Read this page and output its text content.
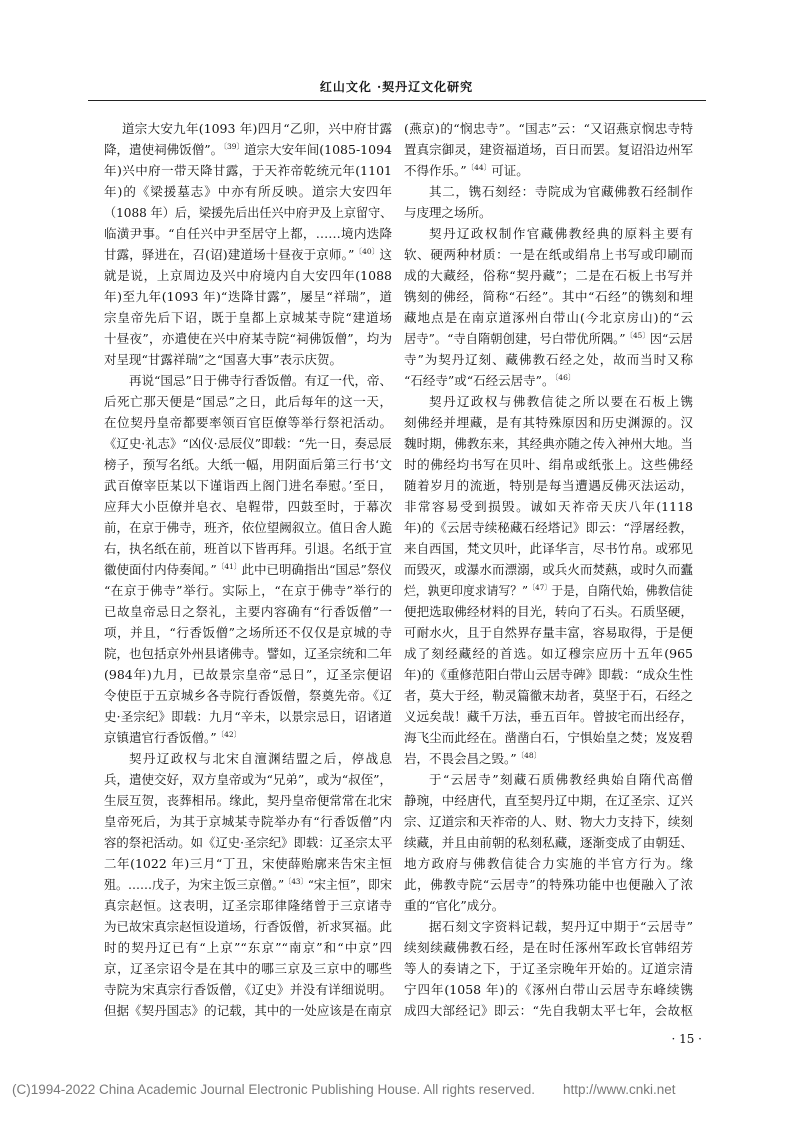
红山文化 ·契丹辽文化研究
道宗大安九年(1093 年)四月“乙卯，兴中府甘露
降，遣使祠佛饭僧”。$^{〔39〕}$道宗大安年间(1085-1094
年)兴中府一带天降甘露，于天祚帝乾统元年(1101
年)的《梁援墓志》中亦有所反映。道宗大安四年
（1088 年）后，梁援先后出任兴中府尹及上京留守、
临潢尹事。“自任兴中尹至居守上都，……境内迭降
甘露，驿进在，召(诏)建道场十昼夜于京师。”$^{〔40〕}$这
就是说，上京周边及兴中府境内自大安四年(1088
年)至九年(1093 年)“迭降甘露”，屡呈“祥瑞”，道
宗皇帝先后下诏，既于皇都上京城某寺院“建道场
十昼夜”，亦遣使在兴中府某寺院“祠佛饭僧”，均为
对呈现“甘露祥瑞”之“国喜大事”表示庆贺。
再说“国忌”日于佛寺行香饭僧。有辽一代，帝、
后死亡那天便是“国忌”之日，此后每年的这一天，
在位契丹皇帝都要率领百官臣僚等举行祭祀活动。
《辽史·礼志》“凶仪·忌辰仪”即载：“先一日，奏忌辰
榜子，预写名纸。大纸一幅，用阴面后第三行书‘文
武百僚宰臣某以下谨诣西上阁门进名奉慰。’至日，
应拜大小臣僚并皂衣、皂鞓带，四鼓至时，于幕次
前，在京于佛寺，班齐，依位望阙叙立。值日舍人跪
右，执名纸在前，班首以下皆再拜。引退。名纸于宣
徽使面付内侍奏闻。”$^{〔41〕}$此中已明确指出“国忌”祭仪
“在京于佛寺”举行。实际上，“在京于佛寺”举行的
已故皇帝忌日之祭礼，主要内容确有“行香饭僧”一
项，并且，“行香饭僧”之场所还不仅仅是京城的寺
院，也包括京外州县诸佛寺。譬如，辽圣宗统和二年
(984年)九月，已故景宗皇帝“忌日”，辽圣宗便诏
令使臣于五京城乡各寺院行香饭僧，祭奠先帝。《辽
史·圣宗纪》即载：九月“辛未，以景宗忌日，诏诸道
京镇遣官行香饭僧。”$^{〔42〕}$
契丹辽政权与北宋自澶渊结盟之后，停战息
兵，遣使交好，双方皇帝或为“兄弟”，或为“叔侄”，
生辰互贺，丧葬相吊。缘此，契丹皇帝便常常在北宋
皇帝死后，为其于京城某寺院举办有“行香饭僧”内
容的祭祀活动。如《辽史·圣宗纪》即载：辽圣宗太平
二年(1022 年)三月“丁丑，宋使薛贻廓来告宋主恒
殂。……戊子，为宋主饭三京僧。”$^{〔43〕}$“宋主恒”，即宋
真宗赵恒。这表明，辽圣宗耶律隆绪曾于三京诸寺
为已故宋真宗赵恒设道场，行香饭僧，祈求冥福。此
时的契丹辽已有“上京”“东京”“南京”和“中京”四
京，辽圣宗诏令是在其中的哪三京及三京中的哪些
寺院为宋真宗行香饭僧，《辽史》并没有详细说明。
但据《契丹国志》的记载，其中的一处应该是在南京
(燕京)的“悯忠寺”。“国志”云：“又诏燕京悯忠寺特
置真宗御灵，建资福道场，百日而罢。复诏沿边州军
不得作乐。”$^{〔44〕}$可证。
其二，镌石刻经：寺院成为官藏佛教石经制作
与庋理之场所。
契丹辽政权制作官藏佛教经典的原料主要有
软、硬两种材质：一是在纸或绢帛上书写或印刷而
成的大藏经，俗称“契丹藏”；二是在石板上书写并
镌刻的佛经，简称“石经”。其中“石经”的镌刻和埋
藏地点是在南京道涿州白带山(今北京房山)的“云
居寺”。“寺自隋朝创建，号白带优所隅。”$^{〔45〕}$因“云居
寺”为契丹辽刻、藏佛教石经之处，故而当时又称
“石经寺”或“石经云居寺”。$^{〔46〕}$
契丹辽政权与佛教信徒之所以要在石板上镌
刻佛经并埋藏，是有其特殊原因和历史渊源的。汉
魏时期，佛教东来，其经典亦随之传入神州大地。当
时的佛经均书写在贝叶、绢帛或纸张上。这些佛经
随着岁月的流逝，特别是每当遭遇反佛灭法运动，
非常容易受到损毁。诚如天祚帝天庆八年(1118
年)的《云居寺续秘藏石经塔记》即云：“浮屠经教，
来自西国，梵文贝叶，此译华言，尽书竹帛。或邪见
而毁灭，或瀑水而漂溺，或兵火而焚爇，或时久而蠹
烂，孰更印度求请写？”$^{〔47〕}$于是，自隋代始，佛教信徒
便把选取佛经材料的目光，转向了石头。石质坚硬，
可耐水火，且于自然界存量丰富，容易取得，于是便
成了刻经藏经的首选。如辽穆宗应历十五年(965
年)的《重修范阳白带山云居寺碑》即载：“成众生性
者，莫大于经，勒灵篇徹末劫者，莫坚于石，石经之
义远矣哉！藏千万法，垂五百年。曾披宅而出经存，
海飞尘而此经在。凿凿白石，宁惧始皇之焚；岌岌碧
岩，不畏会昌之毁。”$^{〔48〕}$
于“云居寺”刻藏石质佛教经典始自隋代高僧
静琬，中经唐代，直至契丹辽中期，在辽圣宗、辽兴
宗、辽道宗和天祚帝的人、财、物大力支持下，续刻
续藏，并且由前朝的私刻私藏，逐渐变成了由朝廷、
地方政府与佛教信徒合力实施的半官方行为。缘
此，佛教寺院“云居寺”的特殊功能中也便融入了浓
重的“官化”成分。
据石刻文字资料记载，契丹辽中期于“云居寺”
续刻续藏佛教石经，是在时任涿州军政长官韩绍芳
等人的奏请之下，于辽圣宗晚年开始的。辽道宗清
宁四年(1058 年)的《涿州白带山云居寺东峰续镌
成四大部经记》即云：“先自我朝太平七年，会故枢
· 15 ·
(C)1994-2022 China Academic Journal Electronic Publishing House. All rights reserved. http://www.cnki.net
